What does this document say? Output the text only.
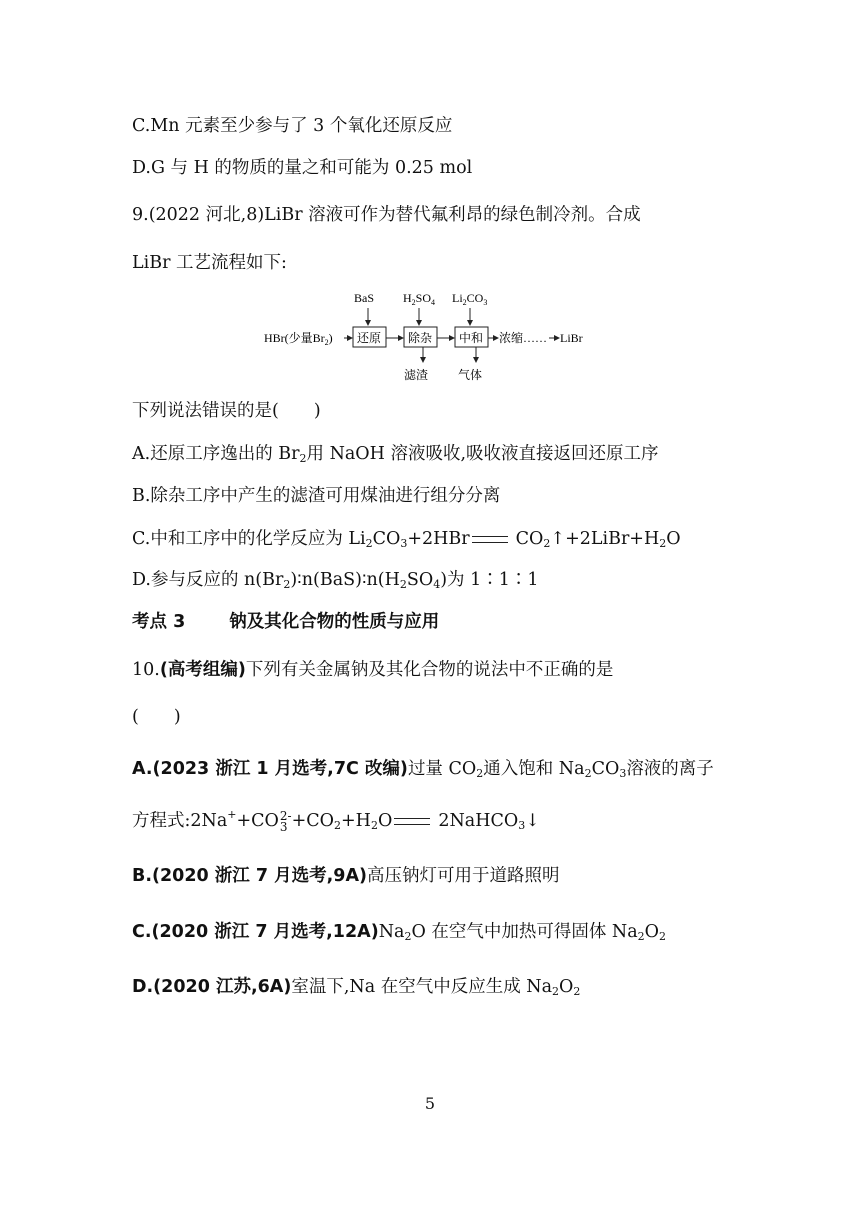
C.Mn 元素至少参与了 3 个氧化还原反应
D.G 与 H 的物质的量之和可能为 0.25 mol
9.(2022 河北,8)LiBr 溶液可作为替代氟利昂的绿色制冷剂。合成
LiBr 工艺流程如下:
BaS $H_2SO_4$ $Li_2CO_3$
HBr(少量$Br_2$) 还原 除杂 中和 浓缩…… LiBr
滤渣 气体
下列说法错误的是(　　)
A.还原工序逸出的 $Br_2$用 NaOH 溶液吸收,吸收液直接返回还原工序
B.除杂工序中产生的滤渣可用煤油进行组分分离
C.中和工序中的化学反应为 $Li_2CO_3+2HBr$	$CO_2↑+2LiBr+H_2O$
D.参与反应的 $n(Br_2)∶n(BaS)∶n(H_2SO_4)$为 1∶1∶1
考点 3	钠及其化合物的性质与应用
10.(高考组编)下列有关金属钠及其化合物的说法中不正确的是
(　　)
A.(2023 浙江 1 月选考,7C 改编)过量 $CO_2$通入饱和 $Na_2CO_3$溶液的离子
方程式:2Na++CO 2-
$3 +CO_2+H_2O$	2NaHCO$_3$↓
B.(2020 浙江 7 月选考,9A)高压钠灯可用于道路照明
C.(2020 浙江 7 月选考$,12A)Na_2O$ 在空气中加热可得固体 $Na_2O_2$
D.(2020 江苏,6A)室温下,Na 在空气中反应生成 $Na_2O_2$
5
